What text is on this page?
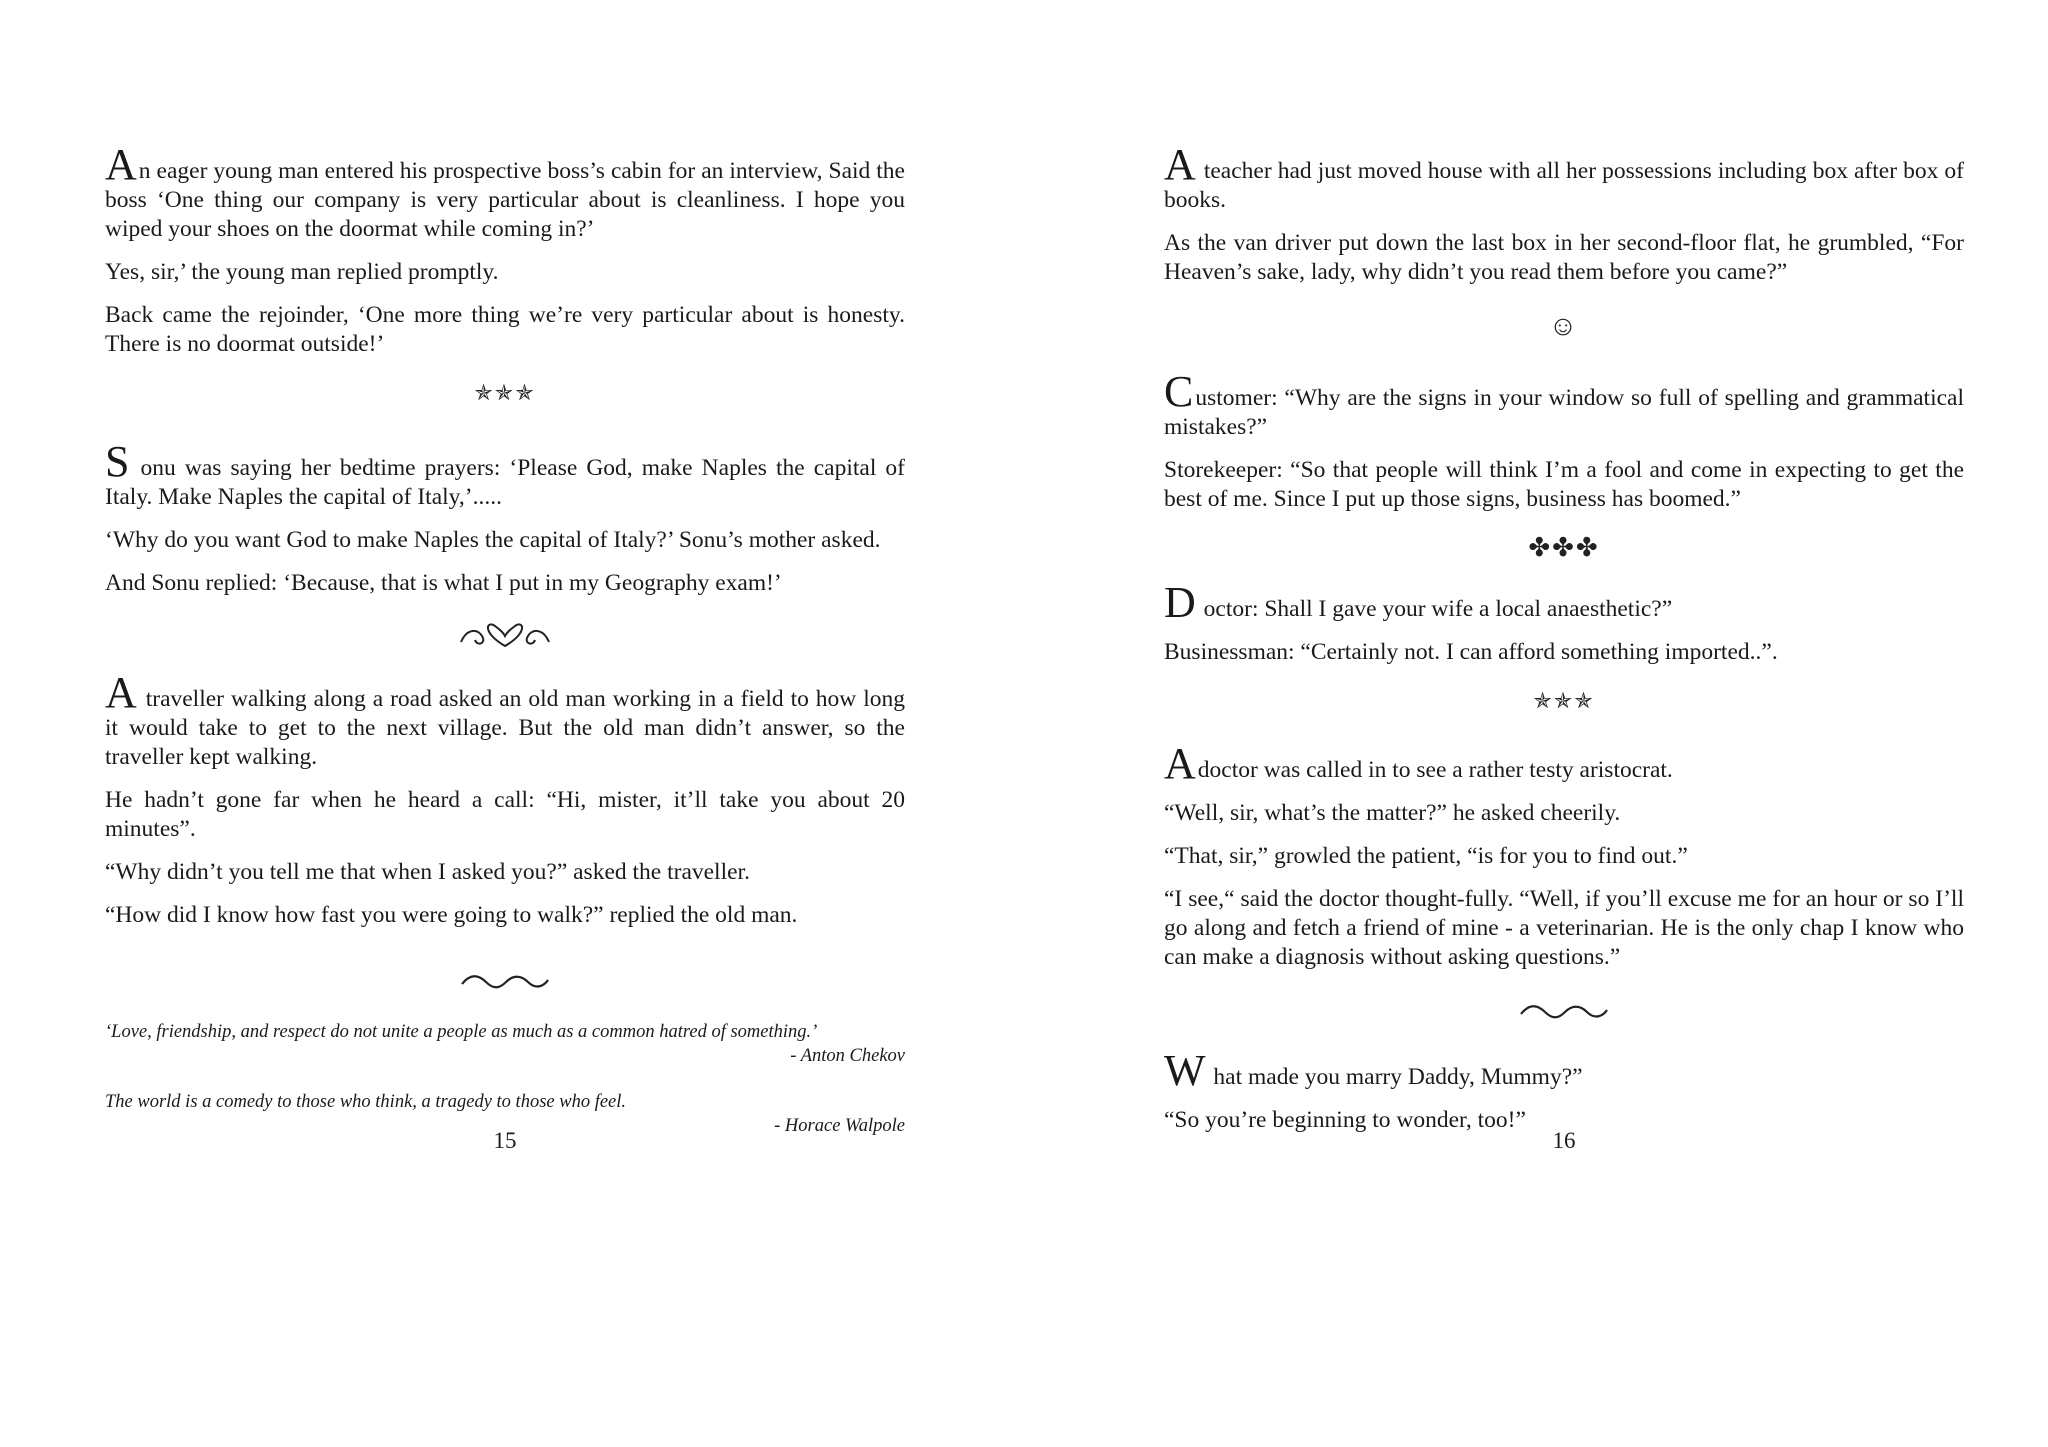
An eager young man entered his prospective boss’s cabin for an interview, Said the boss ‘One thing our company is very particular about is cleanliness. I hope you wiped your shoes on the doormat while coming in?’

Yes, sir,’ the young man replied promptly.

Back came the rejoinder, ‘One more thing we’re very particular about is honesty. There is no doormat outside!’

✯✯✯

S onu was saying her bedtime prayers: ‘Please God, make Naples the capital of Italy. Make Naples the capital of Italy,’.....

‘Why do you want God to make Naples the capital of Italy?’ Sonu’s mother asked.

And Sonu replied: ‘Because, that is what I put in my Geography exam!’

A traveller walking along a road asked an old man working in a field to how long it would take to get to the next village. But the old man didn’t answer, so the traveller kept walking.

He hadn’t gone far when he heard a call: “Hi, mister, it’ll take you about 20 minutes”.

“Why didn’t you tell me that when I asked you?” asked the traveller.

“How did I know how fast you were going to walk?” replied the old man.

‘Love, friendship, and respect do not unite a people as much as a common hatred of something.’
- Anton Chekov
The world is a comedy to those who think, a tragedy to those who feel.
- Horace Walpole
15

A teacher had just moved house with all her possessions including box after box of books.

As the van driver put down the last box in her second-floor flat, he grumbled, “For Heaven’s sake, lady, why didn’t you read them before you came?”

☺

Customer: “Why are the signs in your window so full of spelling and grammatical mistakes?”

Storekeeper: “So that people will think I’m a fool and come in expecting to get the best of me. Since I put up those signs, business has boomed.”

✤✤✤

D octor: Shall I gave your wife a local anaesthetic?”

Businessman: “Certainly not. I can afford something imported..”.

✯✯✯

Adoctor was called in to see a rather testy aristocrat.

“Well, sir, what’s the matter?” he asked cheerily.

“That, sir,” growled the patient, “is for you to find out.”

“I see,“ said the doctor thought-fully. “Well, if you’ll excuse me for an hour or so I’ll go along and fetch a friend of mine - a veterinarian. He is the only chap I know who can make a diagnosis without asking questions.”

W hat made you marry Daddy, Mummy?”

“So you’re beginning to wonder, too!”

16
